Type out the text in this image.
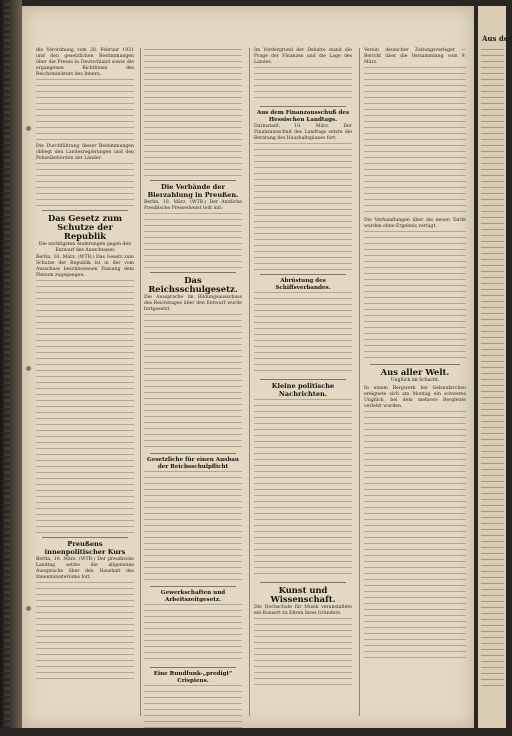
die Verordnung vom 28. Februar 1931 und den gesetzlichen Bestimmungen über die Presse in Deutschland sowie die ergangenen Richtlinien des Reichsministers des Innern.

Die Durchführung dieser Bestimmungen obliegt den Landesregierungen und den Polizeibehörden der Länder.

Das Gesetz zum Schutze der Republik
Die wichtigsten Änderungen gegen den Entwurf des Ausschusses

Berlin, 10. März. (WTB.) Das Gesetz zum Schutze der Republik ist in der vom Ausschuss beschlossenen Fassung dem Plenum zugegangen.

Preußens innenpolitischer Kurs

Berlin, 10. März. (WTB.) Der preußische Landtag setzte die allgemeine Aussprache über den Haushalt des Innenministeriums fort.

Die Verbände der Bierzahlung in Preußen.

Berlin, 10. März. (WTB.) Der Amtliche Preußische Pressedienst teilt mit:

Das Reichsschulgesetz.

Die Aussprache im Bildungsausschuss des Reichstages über den Entwurf wurde fortgesetzt.

Gesetzliche für einen Ausbau der Reichsschulpflicht
Gewerkschaften und Arbeitszeitgesetz.
Eine Rundfunk-„predigt“ Crispiens.

Im Vordergrund der Debatte stand die Frage der Finanzen und die Lage des Landes.

Aus dem Finanzausschuß des Hessischen Landtags.

Darmstadt, 10. März. Der Finanzausschuß des Landtags setzte die Beratung des Haushaltsplanes fort.

Abrüstung des Schiffsverbandes.
Kleine politische Nachrichten.
Kunst und Wissenschaft.

Die Hochschule für Musik veranstaltete ein Konzert zu Ehren ihres Gründers.

Verein deutscher Zeitungsverleger — Bericht über die Versammlung vom 9. März.

Die Verhandlungen über die neuen Tarife wurden ohne Ergebnis vertagt.

Aus aller Welt.
Unglück im Schacht.

In einem Bergwerk bei Gelsenkirchen ereignete sich am Montag ein schweres Unglück, bei dem mehrere Bergleute verletzt wurden.

Aus der
